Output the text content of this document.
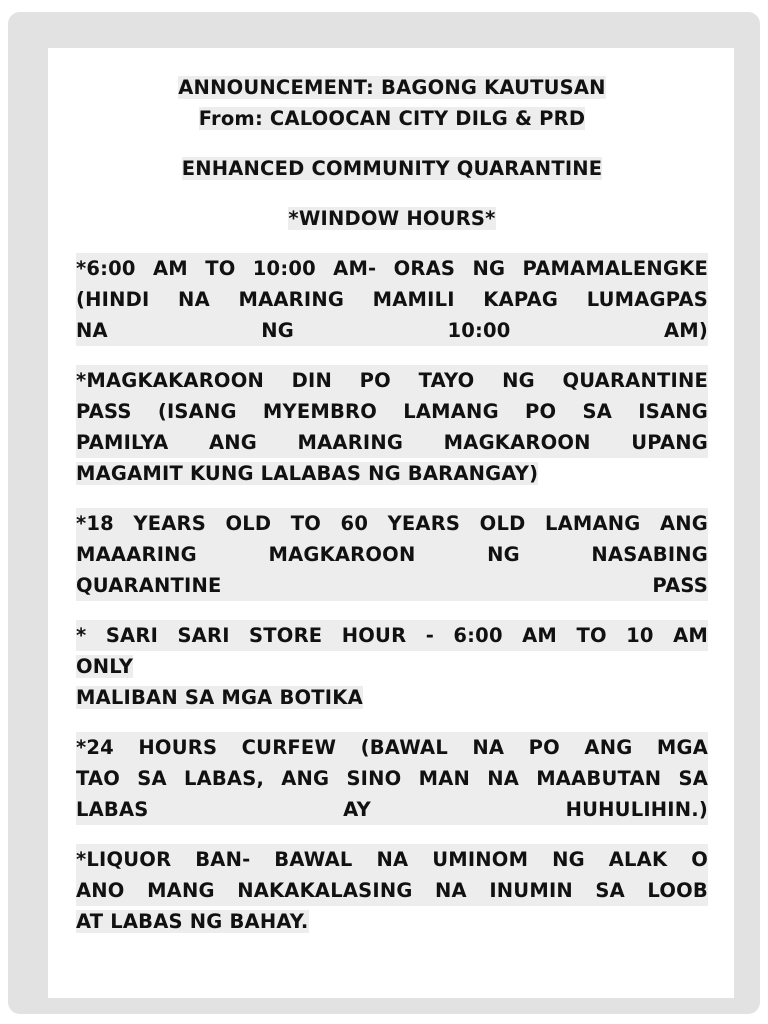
ANNOUNCEMENT: BAGONG KAUTUSAN
From: CALOOCAN CITY DILG & PRD
ENHANCED COMMUNITY QUARANTINE
*WINDOW HOURS*
*6:00 AM TO 10:00 AM- ORAS NG PAMAMALENGKE
(HINDI NA MAARING MAMILI KAPAG LUMAGPAS
NA NG 10:00 AM)
*MAGKAKAROON DIN PO TAYO NG QUARANTINE
PASS (ISANG MYEMBRO LAMANG PO SA ISANG
PAMILYA ANG MAARING MAGKAROON UPANG
MAGAMIT KUNG LALABAS NG BARANGAY)
*18 YEARS OLD TO 60 YEARS OLD LAMANG ANG
MAAARING MAGKAROON NG NASABING
QUARANTINE PASS
* SARI SARI STORE HOUR - 6:00 AM TO 10 AM
ONLY
MALIBAN SA MGA BOTIKA
*24 HOURS CURFEW (BAWAL NA PO ANG MGA
TAO SA LABAS, ANG SINO MAN NA MAABUTAN SA
LABAS AY HUHULIHIN.)
*LIQUOR BAN- BAWAL NA UMINOM NG ALAK O
ANO MANG NAKAKALASING NA INUMIN SA LOOB
AT LABAS NG BAHAY.
